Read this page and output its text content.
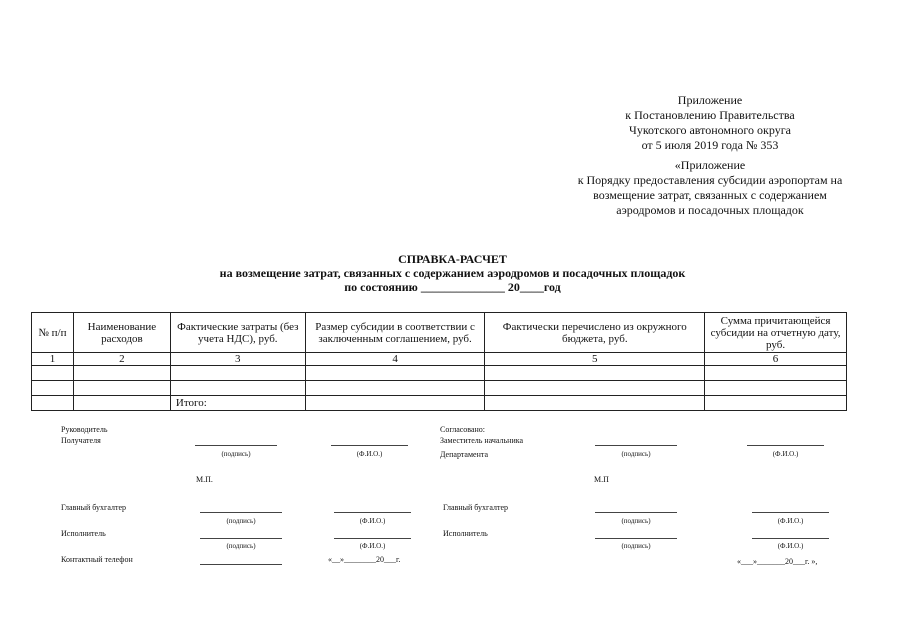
Приложение
к Постановлению Правительства
Чукотского автономного округа
от 5 июля 2019 года № 353
«Приложение
к Порядку предоставления субсидии аэропортам на
возмещение затрат, связанных с содержанием
аэродромов и посадочных площадок
СПРАВКА-РАСЧЕТ
на возмещение затрат, связанных с содержанием аэродромов и посадочных площадок
по состоянию ______________ 20____год
№ п/п	Наименование расходов	Фактические затраты (без учета НДС), руб.	Размер субсидии в соответствии с заключенным соглашением, руб.	Фактически перечислено из окружного бюджета, руб.	Сумма причитающейся субсидии на отчетную дату, руб.
1	2	3	4	5	6

		Итого:			
Руководитель
Получателя
(подпись)	(Ф.И.О.)
М.П.
Главный бухгалтер
(подпись)	(Ф.И.О.)
Исполнитель
(подпись)	(Ф.И.О.)
Контактный телефон	«__»________20___г.
Согласовано:
Заместитель начальника
Департамента	(подпись)	(Ф.И.О.)
М.П
Главный бухгалтер
(подпись)	(Ф.И.О.)
Исполнитель
(подпись)	(Ф.И.О.)
«___»_______20___г. »,
